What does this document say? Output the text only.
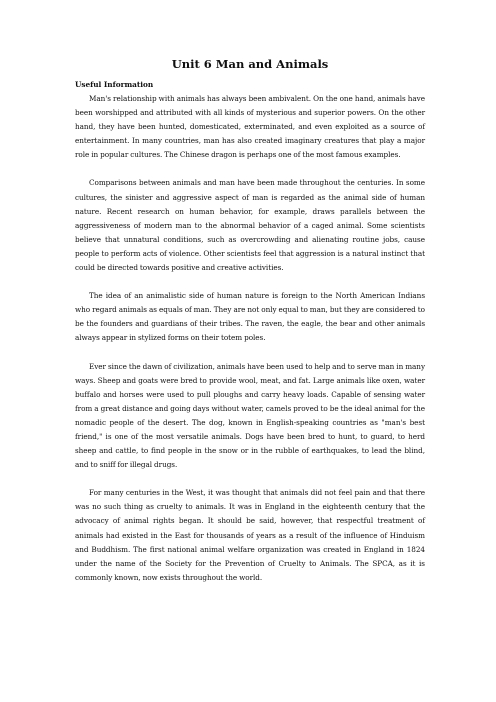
Unit 6 Man and Animals
Useful Information

Man's relationship with animals has always been ambivalent. On the one hand, animals have been worshipped and attributed with all kinds of mysterious and superior powers. On the other hand, they have been hunted, domesticated, exterminated, and even exploited as a source of entertainment. In many countries, man has also created imaginary creatures that play a major role in popular cultures. The Chinese dragon is perhaps one of the most famous examples.

Comparisons between animals and man have been made throughout the centuries. In some cultures, the sinister and aggressive aspect of man is regarded as the animal side of human nature. Recent research on human behavior, for example, draws parallels between the aggressiveness of modern man to the abnormal behavior of a caged animal. Some scientists believe that unnatural conditions, such as overcrowding and alienating routine jobs, cause people to perform acts of violence. Other scientists feel that aggression is a natural instinct that could be directed towards positive and creative activities.

The idea of an animalistic side of human nature is foreign to the North American Indians who regard animals as equals of man. They are not only equal to man, but they are considered to be the founders and guardians of their tribes. The raven, the eagle, the bear and other animals always appear in stylized forms on their totem poles.

Ever since the dawn of civilization, animals have been used to help and to serve man in many ways. Sheep and goats were bred to provide wool, meat, and fat. Large animals like oxen, water buffalo and horses were used to pull ploughs and carry heavy loads. Capable of sensing water from a great distance and going days without water, camels proved to be the ideal animal for the nomadic people of the desert. The dog, known in English-speaking countries as "man's best friend," is one of the most versatile animals. Dogs have been bred to hunt, to guard, to herd sheep and cattle, to find people in the snow or in the rubble of earthquakes, to lead the blind, and to sniff for illegal drugs.

For many centuries in the West, it was thought that animals did not feel pain and that there was no such thing as cruelty to animals. It was in England in the eighteenth century that the advocacy of animal rights began. It should be said, however, that respectful treatment of animals had existed in the East for thousands of years as a result of the influence of Hinduism and Buddhism. The first national animal welfare organization was created in England in 1824 under the name of the Society for the Prevention of Cruelty to Animals. The SPCA, as it is commonly known, now exists throughout the world.
